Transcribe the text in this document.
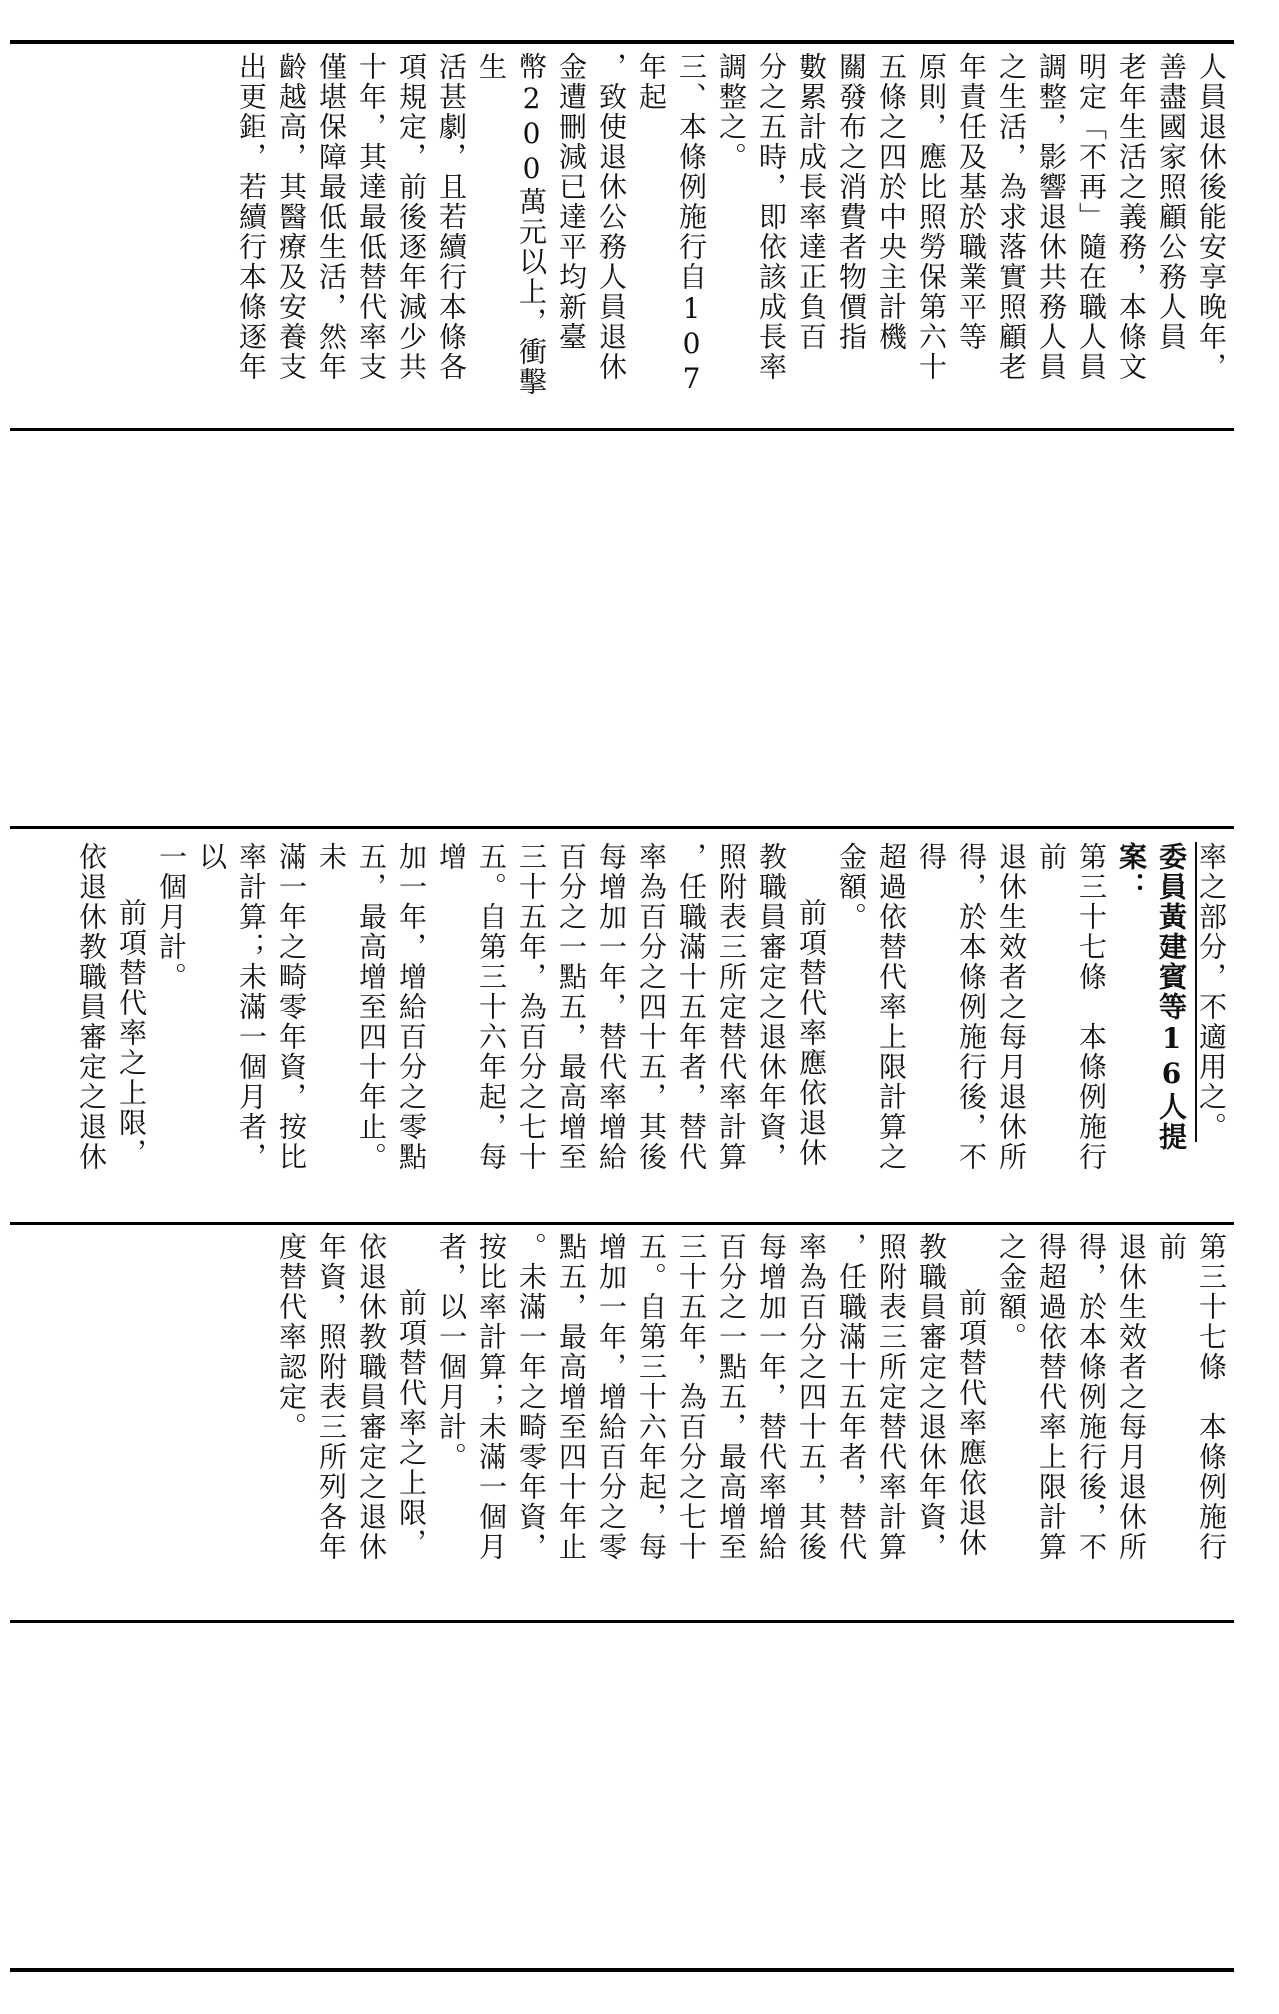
人員退休後能安享晚年，

善盡國家照顧公務人員

老年生活之義務，本條文

明定「不再」隨在職人員

調整，影響退休共務人員

之生活，為求落實照顧老

年責任及基於職業平等

原則，應比照勞保第六十

五條之四於中央主計機

關發布之消費者物價指

數累計成長率達正負百

分之五時，即依該成長率

調整之。

三、本條例施行自107年起

，致使退休公務人員退休

金遭刪減已達平均新臺

幣200萬元以上，衝擊生

活甚劇，且若續行本條各

項規定，前後逐年減少共

十年，其達最低替代率支

僅堪保障最低生活，然年

齡越高，其醫療及安養支

出更鉅，若續行本條逐年

率之部分，不適用之。

委員黃建賓等16人提案：

第三十七條　本條例施行前

退休生效者之每月退休所

得，於本條例施行後，不得

超過依替代率上限計算之

金額。

前項替代率應依退休

教職員審定之退休年資，

照附表三所定替代率計算

，任職滿十五年者，替代

率為百分之四十五，其後

每增加一年，替代率增給

百分之一點五，最高增至

三十五年，為百分之七十

五。自第三十六年起，每增

加一年，增給百分之零點

五，最高增至四十年止。未

滿一年之畸零年資，按比

率計算；未滿一個月者，以

一個月計。

前項替代率之上限，

依退休教職員審定之退休

第三十七條　本條例施行前

退休生效者之每月退休所

得，於本條例施行後，不

得超過依替代率上限計算

之金額。

前項替代率應依退休

教職員審定之退休年資，

照附表三所定替代率計算

，任職滿十五年者，替代

率為百分之四十五，其後

每增加一年，替代率增給

百分之一點五，最高增至

三十五年，為百分之七十

五。自第三十六年起，每

增加一年，增給百分之零

點五，最高增至四十年止

。未滿一年之畸零年資，

按比率計算；未滿一個月

者，以一個月計。

前項替代率之上限，

依退休教職員審定之退休

年資，照附表三所列各年

度替代率認定。
